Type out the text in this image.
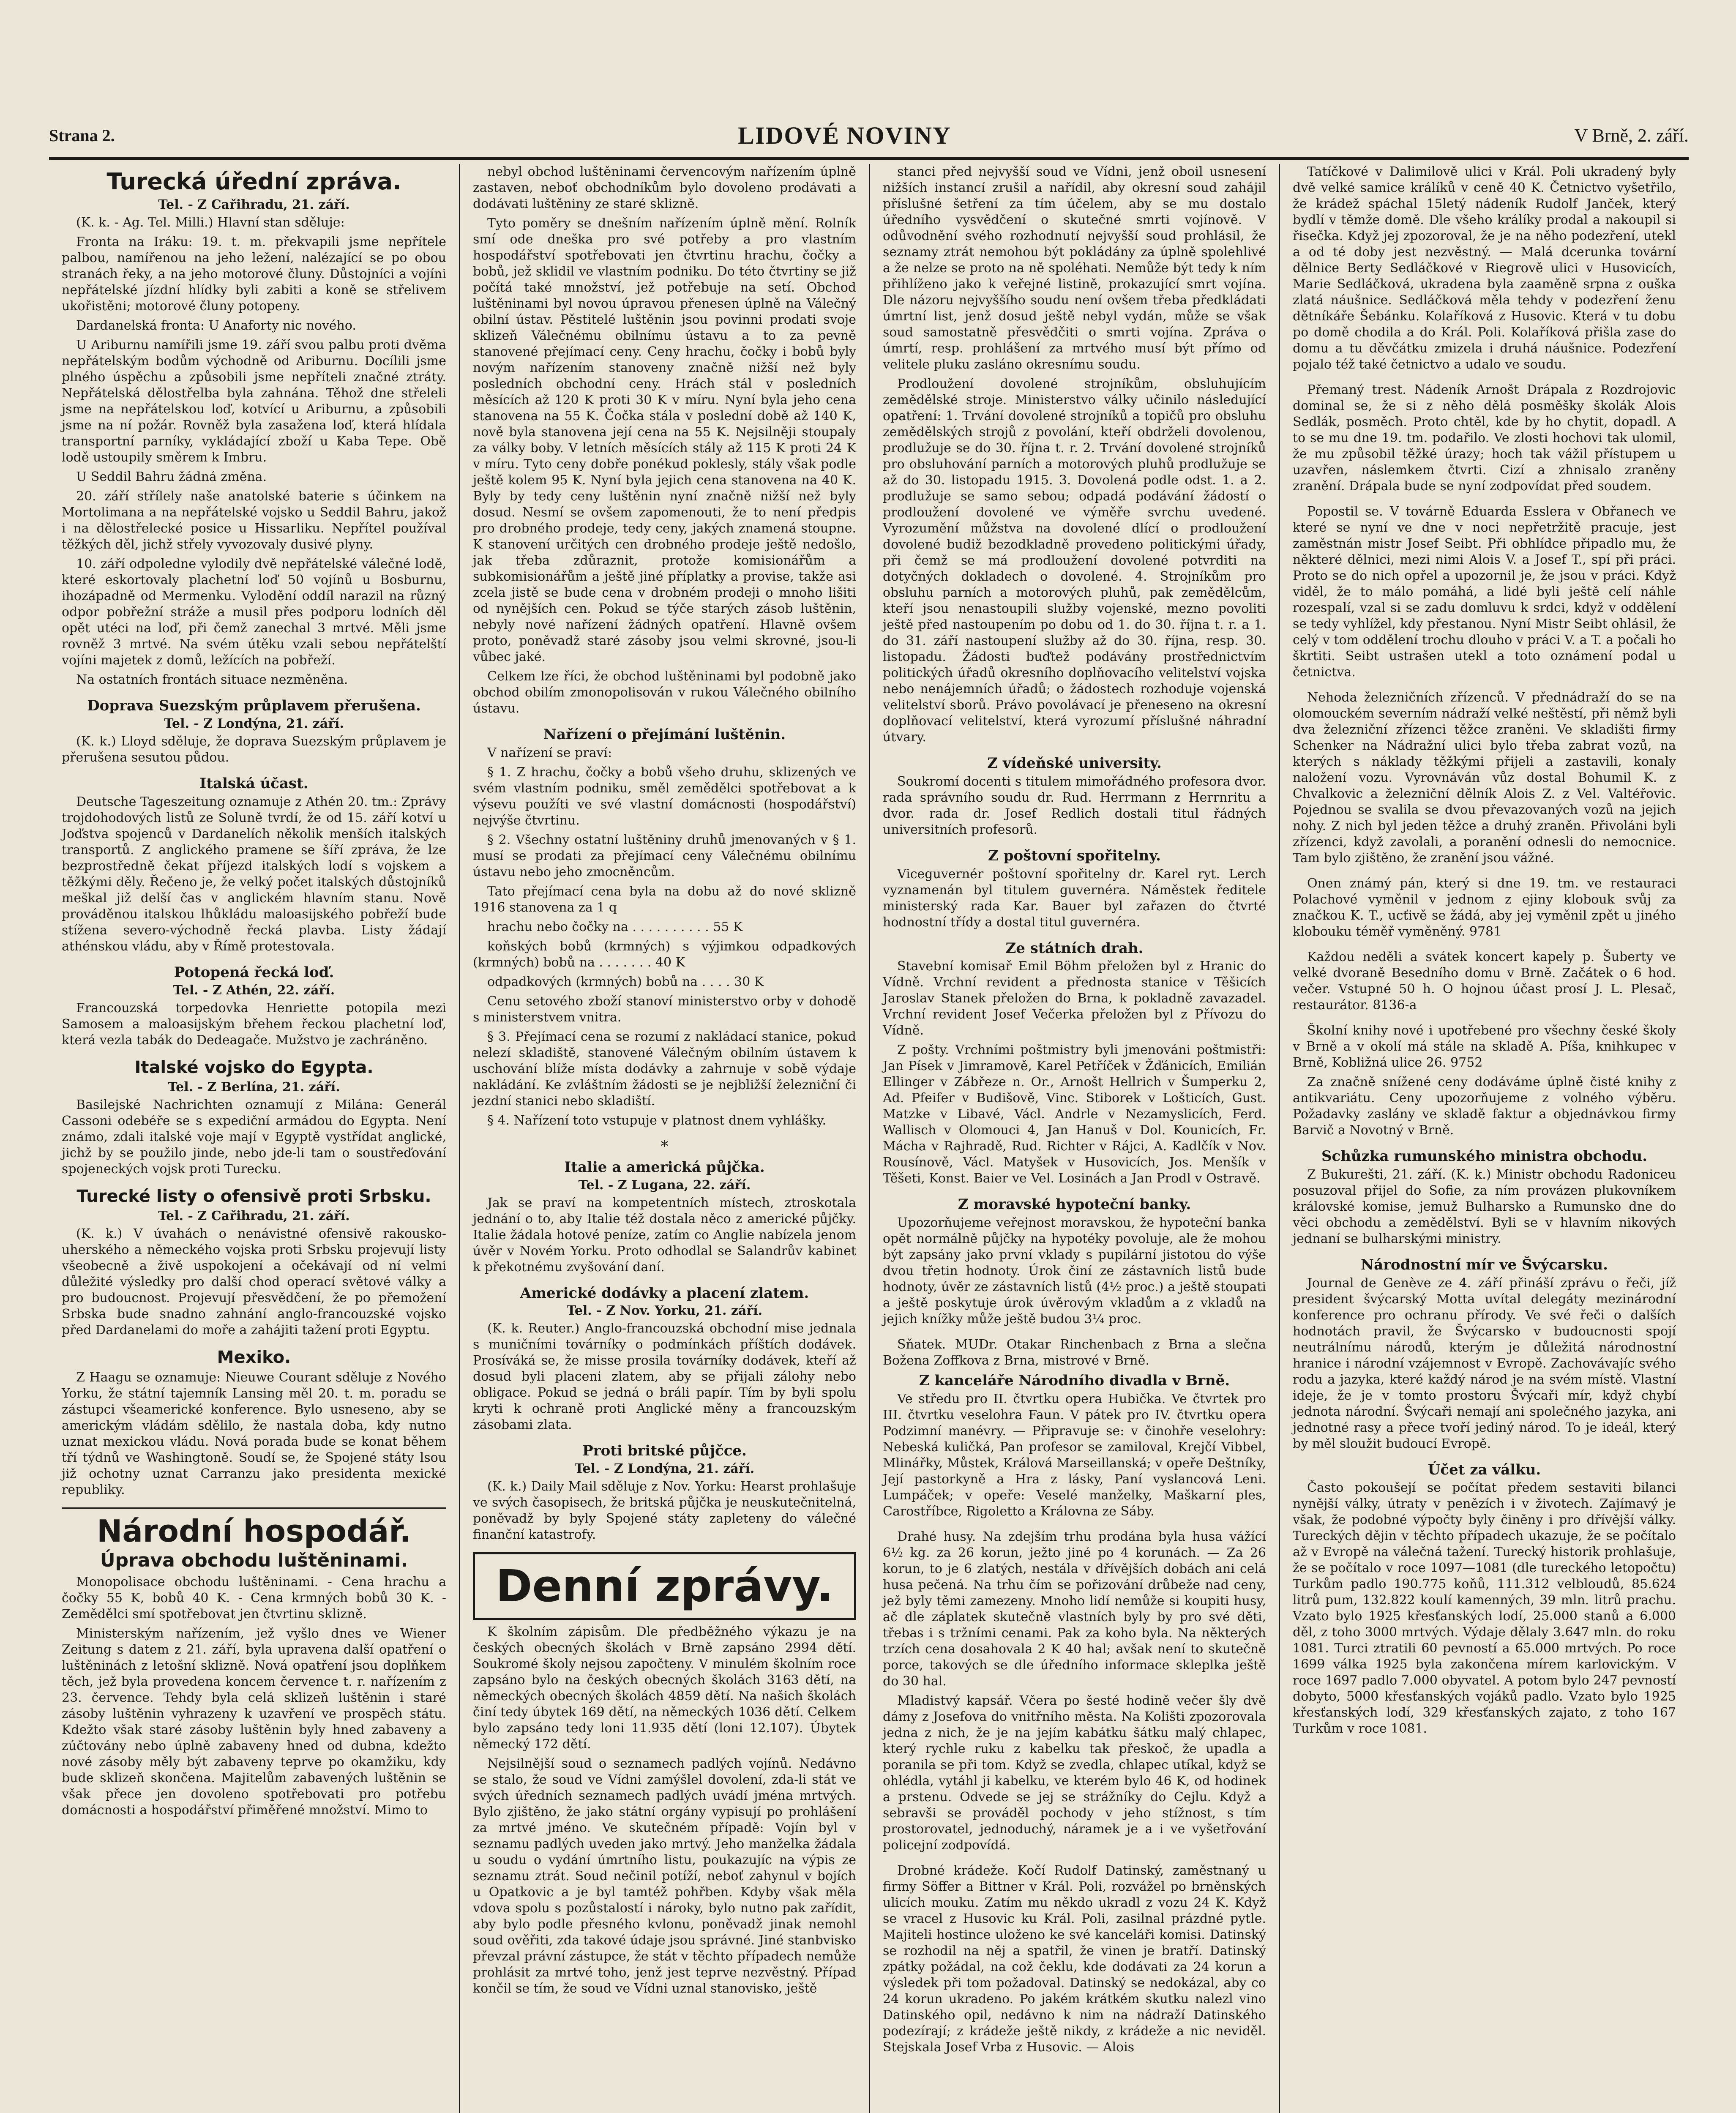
Strana 2.	LIDOVÉ NOVINY	V Brně, 2. září.
Turecká úřední zpráva.
Tel. - Z Cařihradu, 21. září.

(K. k. - Ag. Tel. Milli.) Hlavní stan sděluje:

Fronta na Iráku: 19. t. m. překvapili jsme nepřítele palbou, namířenou na jeho ležení, nalézající se po obou stranách řeky, a na jeho motorové čluny. Důstojníci a vojíni nepřátelské jízdní hlídky byli zabiti a koně se střelivem ukořistěni; motorové čluny potopeny.

Dardanelská fronta: U Anaforty nic nového.

U Ariburnu namířili jsme 19. září svou palbu proti dvěma nepřátelským bodům východně od Ariburnu. Docílili jsme plného úspěchu a způsobili jsme nepříteli značné ztráty. Nepřátelská dělostřelba byla zahnána. Těhož dne střeleli jsme na nepřátelskou loď, kotvící u Ariburnu, a způsobili jsme na ní požár. Rovněž byla zasažena loď, která hlídala transportní parníky, vykládající zboží u Kaba Tepe. Obě lodě ustoupily směrem k Imbru.

U Seddil Bahru žádná změna.

20. září střílely naše anatolské baterie s účinkem na Mortolimana a na nepřátelské vojsko u Seddil Bahru, jakož i na dělostřelecké posice u Hissarliku. Nepřítel používal těžkých děl, jichž střely vyvozovaly dusivé plyny.

10. září odpoledne vylodily dvě nepřátelské válečné lodě, které eskortovaly plachetní loď 50 vojínů u Bosburnu, ihozápadně od Mermenku. Vylodění oddíl narazil na různý odpor pobřežní stráže a musil přes podporu lodních děl opět utéci na loď, při čemž zanechal 3 mrtvé. Měli jsme rovněž 3 mrtvé. Na svém útěku vzali sebou nepřátelští vojíni majetek z domů, ležících na pobřeží.

Na ostatních frontách situace nezměněna.

Doprava Suezským průplavem přerušena.
Tel. - Z Londýna, 21. září.

(K. k.) Lloyd sděluje, že doprava Suezským průplavem je přerušena sesutou půdou.

Italská účast.

Deutsche Tageszeitung oznamuje z Athén 20. tm.: Zprávy trojdohodových listů ze Soluně tvrdí, že od 15. září kotví u Joďstva spojenců v Dardanelích několik menších italských transportů. Z anglického pramene se šíří zpráva, že lze bezprostředně čekat příjezd italských lodí s vojskem a těžkými děly. Řečeno je, že velký počet italských důstojníků meškal již delší čas v anglickém hlavním stanu. Nově prováděnou italskou lhůkládu maloasijského pobřeží bude stížena severo-východně řecká plavba. Listy žádají athénskou vládu, aby v Římě protestovala.

Potopená řecká loď.
Tel. - Z Athén, 22. září.

Francouzská torpedovka Henriette potopila mezi Samosem a maloasijským břehem řeckou plachetní loď, která vezla tabák do Dedeagače. Mužstvo je zachráněno.

Italské vojsko do Egypta.
Tel. - Z Berlína, 21. září.

Basilejské Nachrichten oznamují z Milána: Generál Cassoni odebéře se s expediční armádou do Egypta. Není známo, zdali italské voje mají v Egyptě vystřídat anglické, jichž by se použilo jinde, nebo jde-li tam o soustřeďování spojeneckých vojsk proti Turecku.

Turecké listy o ofensivě proti Srbsku.
Tel. - Z Cařihradu, 21. září.

(K. k.) V úvahách o nenávistné ofensivě rakousko-uherského a německého vojska proti Srbsku projevují listy všeobecně a živě uspokojení a očekávají od ní velmi důležité výsledky pro další chod operací světové války a pro budoucnost. Projevují přesvědčení, že po přemožení Srbska bude snadno zahnání anglo-francouzské vojsko před Dardanelami do moře a zahájiti tažení proti Egyptu.

Mexiko.

Z Haagu se oznamuje: Nieuwe Courant sděluje z Nového Yorku, že státní tajemník Lansing měl 20. t. m. poradu se zástupci všeamerické konference. Bylo usneseno, aby se americkým vládám sdělilo, že nastala doba, kdy nutno uznat mexickou vládu. Nová porada bude se konat během tří týdnů ve Washingtoně. Soudí se, že Spojené státy lsou již ochotny uznat Carranzu jako presidenta mexické republiky.

Národní hospodář.
Úprava obchodu luštěninami.

Monopolisace obchodu luštěninami. - Cena hrachu a čočky 55 K, bobů 40 K. - Cena krmných bobů 30 K. - Zemědělci smí spotřebovat jen čtvrtinu sklizně.

Ministerským nařízením, jež vyšlo dnes ve Wiener Zeitung s datem z 21. září, byla upravena další opatření o luštěninách z letošní sklizně. Nová opatření jsou doplňkem těch, jež byla provedena koncem července t. r. nařízením z 23. července. Tehdy byla celá sklizeň luštěnin i staré zásoby luštěnin vyhrazeny k uzavření ve prospěch státu. Kdežto však staré zásoby luštěnin byly hned zabaveny a zúčtovány nebo úplně zabaveny hned od dubna, kdežto nové zásoby měly být zabaveny teprve po okamžiku, kdy bude sklizeň skončena. Majitelům zabavených luštěnin se však přece jen dovoleno spotřebovati pro potřebu domácnosti a hospodářství přiměřené množství. Mimo to

nebyl obchod luštěninami červencovým nařízením úplně zastaven, neboť obchodníkům bylo dovoleno prodávati a dodávati luštěniny ze staré sklizně.

Tyto poměry se dnešním nařízením úplně mění. Rolník smí ode dneška pro své potřeby a pro vlastním hospodářství spotřebovati jen čtvrtinu hrachu, čočky a bobů, jež sklidil ve vlastním podniku. Do této čtvrtiny se již počítá také množství, jež potřebuje na setí. Obchod luštěninami byl novou úpravou přenesen úplně na Válečný obilní ústav. Pěstitelé luštěnin jsou povinni prodati svoje sklizeň Válečnému obilnímu ústavu a to za pevně stanovené přejímací ceny. Ceny hrachu, čočky i bobů byly novým nařízením stanoveny značně nižší než byly posledních obchodní ceny. Hrách stál v posledních měsících až 120 K proti 30 K v míru. Nyní byla jeho cena stanovena na 55 K. Čočka stála v poslední době až 140 K, nově byla stanovena její cena na 55 K. Nejsilněji stoupaly za války boby. V letních měsících stály až 115 K proti 24 K v míru. Tyto ceny dobře ponékud poklesly, stály však podle ještě kolem 95 K. Nyní byla jejich cena stanovena na 40 K. Byly by tedy ceny luštěnin nyní značně nižší než byly dosud. Nesmí se ovšem zapomenouti, že to není předpis pro drobného prodeje, tedy ceny, jakých znamená stoupne. K stanovení určitých cen drobného prodeje ještě nedošlo, jak třeba zdůraznit, protože komisionářům a subkomisionářům a ještě jiné příplatky a provise, takže asi zcela jistě se bude cena v drobném prodeji o mnoho lišiti od nynějších cen. Pokud se týče starých zásob luštěnin, nebyly nové nařízení žádných opatření. Hlavně ovšem proto, poněvadž staré zásoby jsou velmi skrovné, jsou-li vůbec jaké.

Celkem lze říci, že obchod luštěninami byl podobně jako obchod obilím zmonopolisován v rukou Válečného obilního ústavu.

Nařízení o přejímání luštěnin.

V nařízení se praví:

§ 1. Z hrachu, čočky a bobů všeho druhu, sklizených ve svém vlastním podniku, směl zemědělci spotřebovat a k výsevu použíti ve své vlastní domácnosti (hospodářství) nejvýše čtvrtinu.

§ 2. Všechny ostatní luštěniny druhů jmenovaných v § 1. musí se prodati za přejímací ceny Válečnému obilnímu ústavu nebo jeho zmocněncům.

Tato přejímací cena byla na dobu až do nové sklizně 1916 stanovena za 1 q

hrachu nebo čočky na . . . . . . . . . . 55 K

koňských bobů (krmných) s výjimkou odpadkových (krmných) bobů na . . . . . . . 40 K

odpadkových (krmných) bobů na . . . . 30 K

Cenu setového zboží stanoví ministerstvo orby v dohodě s ministerstvem vnitra.

§ 3. Přejímací cena se rozumí z nakládací stanice, pokud nelezí skladiště, stanovené Válečným obilním ústavem k uschování blíže místa dodávky a zahrnuje v sobě výdaje nakládání. Ke zvláštním žádosti se je nejbližší železniční či jezdní stanici nebo skladiští.

§ 4. Nařízení toto vstupuje v platnost dnem vyhlášky.

*
Italie a americká půjčka.
Tel. - Z Lugana, 22. září.

Jak se praví na kompetentních místech, ztroskotala jednání o to, aby Italie též dostala něco z americké půjčky. Italie žádala hotové peníze, zatím co Anglie nabízela jenom úvěr v Novém Yorku. Proto odhodlal se Salandrův kabinet k překotnému zvyšování daní.

Americké dodávky a placení zlatem.
Tel. - Z Nov. Yorku, 21. září.

(K. k. Reuter.) Anglo-francouzská obchodní mise jednala s muničními továrníky o podmínkách příštích dodávek. Prosíváká se, že misse prosila továrníky dodávek, kteří až dosud byli placeni zlatem, aby se přijali zálohy nebo obligace. Pokud se jedná o bráli papír. Tím by byli spolu kryti k ochraně proti Anglické měny a francouzským zásobami zlata.

Proti britské půjčce.
Tel. - Z Londýna, 21. září.

(K. k.) Daily Mail sděluje z Nov. Yorku: Hearst prohlašuje ve svých časopisech, že britská půjčka je neuskutečnitelná, poněvadž by byly Spojené státy zapleteny do válečné finanční katastrofy.

Denní zprávy.

K školním zápisům. Dle předběžného výkazu je na českých obecných školách v Brně zapsáno 2994 dětí. Soukromé školy nejsou započteny. V minulém školním roce zapsáno bylo na českých obecných školách 3163 dětí, na německých obecných školách 4859 dětí. Na našich školách činí tedy úbytek 169 dětí, na německých 1036 dětí. Celkem bylo zapsáno tedy loni 11.935 dětí (loni 12.107). Úbytek německý 172 dětí.

Nejsilnější soud o seznamech padlých vojínů. Nedávno se stalo, že soud ve Vídni zamýšlel dovolení, zda-li stát ve svých úředních seznamech padlých uvádí jména mrtvých. Bylo zjištěno, že jako státní orgány vypisují po prohlášení za mrtvé jméno. Ve skutečném případě: Vojín byl v seznamu padlých uveden jako mrtvý. Jeho manželka žádala u soudu o vydání úmrtního listu, poukazujíc na výpis ze seznamu ztrát. Soud nečinil potíží, neboť zahynul v bojích u Opatkovic a je byl tamtéž pohřben. Kdyby však měla vdova spolu s pozůstalostí i nároky, bylo nutno pak zařídit, aby bylo podle přesného kvlonu, poněvadž jinak nemohl soud ověřiti, zda takové údaje jsou správné. Jiné stanbvisko převzal právní zástupce, že stát v těchto případech nemůže prohlásit za mrtvé toho, jenž jest teprve nezvěstný. Případ končil se tím, že soud ve Vídni uznal stanovisko, ještě

stanci před nejvyšší soud ve Vídni, jenž oboil usnesení nižších instancí zrušil a nařídil, aby okresní soud zahájil příslušné šetření za tím účelem, aby se mu dostalo úředního vysvědčení o skutečné smrti vojínově. V odůvodnění svého rozhodnutí nejvyšší soud prohlásil, že seznamy ztrát nemohou být pokládány za úplně spolehlivé a že nelze se proto na ně spoléhati. Nemůže být tedy k ním přihlíženo jako k veřejné listině, prokazující smrt vojína. Dle názoru nejvyššího soudu není ovšem třeba předkládati úmrtní list, jenž dosud ještě nebyl vydán, může se však soud samostatně přesvědčiti o smrti vojína. Zpráva o úmrtí, resp. prohlášení za mrtvého musí být přímo od velitele pluku zasláno okresnímu soudu.

Prodloužení dovolené strojníkům, obsluhujícím zemědělské stroje. Ministerstvo války učinilo následující opatření: 1. Trvání dovolené strojníků a topičů pro obsluhu zemědělských strojů z povolání, kteří obdrželi dovolenou, prodlužuje se do 30. října t. r. 2. Trvání dovolené strojníků pro obsluhování parních a motorových pluhů prodlužuje se až do 30. listopadu 1915. 3. Dovolená podle odst. 1. a 2. prodlužuje se samo sebou; odpadá podávání žádostí o prodloužení dovolené ve výměře svrchu uvedené. Vyrozumění můžstva na dovolené dlící o prodloužení dovolené budiž bezodkladně provedeno politickými úřady, při čemž se má prodloužení dovolené potvrditi na dotyčných dokladech o dovolené. 4. Strojníkům pro obsluhu parních a motorových pluhů, pak zemědělcům, kteří jsou nenastoupili služby vojenské, mezno povoliti ještě před nastoupením po dobu od 1. do 30. října t. r. a 1. do 31. září nastoupení služby až do 30. října, resp. 30. listopadu. Žádosti buďtež podávány prostřednictvím politických úřadů okresního doplňovacího velitelství vojska nebo nenájemních úřadů; o žádostech rozhoduje vojenská velitelství sborů. Právo povolávací je přeneseno na okresní doplňovací velitelství, která vyrozumí příslušné náhradní útvary.

Z vídeňské university.

Soukromí docenti s titulem mimořádného profesora dvor. rada správního soudu dr. Rud. Herrmann z Herrnritu a dvor. rada dr. Josef Redlich dostali titul řádných universitních profesorů.

Z poštovní spořitelny.

Viceguvernér poštovní spořitelny dr. Karel ryt. Lerch vyznamenán byl titulem guvernéra. Náměstek ředitele ministerský rada Kar. Bauer byl zařazen do čtvrté hodnostní třídy a dostal titul guvernéra.

Ze státních drah.

Stavební komisař Emil Böhm přeložen byl z Hranic do Vídně. Vrchní revident a přednosta stanice v Těšicích Jaroslav Stanek přeložen do Brna, k pokladně zavazadel. Vrchní revident Josef Večerka přeložen byl z Přívozu do Vídně.

Z pošty. Vrchními poštmistry byli jmenováni poštmistři: Jan Písek v Jimramově, Karel Petříček v Žďánicích, Emilián Ellinger v Zábřeze n. Or., Arnošt Hellrich v Šumperku 2, Ad. Pfeifer v Budišově, Vinc. Stiborek v Lošticích, Gust. Matzke v Libavé, Václ. Andrle v Nezamyslicích, Ferd. Wallisch v Olomouci 4, Jan Hanuš v Dol. Kounicích, Fr. Mácha v Rajhradě, Rud. Richter v Rájci, A. Kadlčík v Nov. Rousínově, Václ. Matyšek v Husovicích, Jos. Menšík v Těšeti, Konst. Baier ve Vel. Losinách a Jan Prodl v Ostravě.

Z moravské hypoteční banky.

Upozorňujeme veřejnost moravskou, že hypoteční banka opět normálně půjčky na hypotéky povoluje, ale že mohou být zapsány jako první vklady s pupilární jistotou do výše dvou třetin hodnoty. Úrok činí ze zástavních listů bude hodnoty, úvěr ze zástavních listů (4½ proc.) a ještě stoupati a ještě poskytuje úrok úvěrovým vkladům a z vkladů na jejich knížky může ještě budou 3¼ proc.

Sňatek. MUDr. Otakar Rinchenbach z Brna a slečna Božena Zoffkova z Brna, mistrové v Brně.

Z kanceláře Národního divadla v Brně.

Ve středu pro II. čtvrtku opera Hubička. Ve čtvrtek pro III. čtvrtku veselohra Faun. V pátek pro IV. čtvrtku opera Podzimní manévry. — Připravuje se: v činohře veselohry: Nebeská kuličká, Pan profesor se zamiloval, Krejčí Vibbel, Mlinářky, Můstek, Králová Marseillanská; v opeře Deštníky, Její pastorkyně a Hra z lásky, Paní vyslancová Leni. Lumpáček; v opeře: Veselé manželky, Maškarní ples, Carostříbce, Rigoletto a Královna ze Sáby.

Drahé husy. Na zdejším trhu prodána byla husa vážící 6½ kg. za 26 korun, ježto jiné po 4 korunách. — Za 26 korun, to je 6 zlatých, nestála v dřívějších dobách ani celá husa pečená. Na trhu čím se pořizování drůbeže nad ceny, jež byly těmi zamezeny. Mnoho lidí nemůže si koupiti husy, ač dle záplatek skutečně vlastních byly by pro své děti, třebas i s tržními cenami. Pak za koho byla. Na některých trzích cena dosahovala 2 K 40 hal; avšak není to skutečně porce, takových se dle úředního informace skleplka ještě do 30 hal.

Mladistvý kapsář. Včera po šesté hodině večer šly dvě dámy z Josefova do vnitřního města. Na Kolišti zpozorovala jedna z nich, že je na jejím kabátku šátku malý chlapec, který rychle ruku z kabelku tak přeskoč, že upadla a poranila se při tom. Když se zvedla, chlapec utíkal, když se ohlédla, vytáhl ji kabelku, ve kterém bylo 46 K, od hodinek a prstenu. Odvede se jej se strážníky do Cejlu. Když a sebravši se prováděl pochody v jeho stížnost, s tím prostorovatel, jednoduchý, náramek je a i ve vyšetřování policejní zodpovídá.

Drobné krádeže. Kočí Rudolf Datinský, zaměstnaný u firmy Söffer a Bittner v Král. Poli, rozvážel po brněnských ulicích mouku. Zatím mu někdo ukradl z vozu 24 K. Když se vracel z Husovic ku Král. Poli, zasilnal prázdné pytle. Majiteli hostince uloženo ke své kanceláři komisi. Datinský se rozhodil na něj a spatřil, že vinen je bratří. Datinský zpátky požádal, na což čeklu, kde dodávati za 24 korun a výsledek při tom požadoval. Datinský se nedokázal, aby co 24 korun ukradeno. Po jakém krátkém skutku nalezl vino Datinského opil, nedávno k nim na nádraží Datinského podezírají; z krádeže ještě nikdy, z krádeže a nic neviděl. Stejskala Josef Vrba z Husovic. — Alois

Tatíčkové v Dalimilově ulici v Král. Poli ukradený byly dvě velké samice králíků v ceně 40 K. Četnictvo vyšetřilo, že krádež spáchal 15letý nádeník Rudolf Janček, který bydlí v těmže domě. Dle všeho králíky prodal a nakoupil si řisečka. Když jej zpozoroval, že je na něho podezření, utekl a od té doby jest nezvěstný. — Malá dcerunka tovární dělnice Berty Sedláčkové v Riegrově ulici v Husovicích, Marie Sedláčková, ukradena byla zaaměně srpna z ouška zlatá náušnice. Sedláčková měla tehdy v podezření ženu dětníkáře Šebánku. Kolaříková z Husovic. Která v tu dobu po domě chodila a do Král. Poli. Kolaříková přišla zase do domu a tu děvčátku zmizela i druhá náušnice. Podezření pojalo též také četnictvo a udalo ve soudu.

Přemaný trest. Nádeník Arnošt Drápala z Rozdrojovic dominal se, že si z něho dělá posměšky školák Alois Sedlák, posměch. Proto chtěl, kde by ho chytit, dopadl. A to se mu dne 19. tm. podařilo. Ve zlosti hochovi tak ulomil, že mu způsobil těžké úrazy; hoch tak vážil přístupem u uzavřen, náslemkem čtvrti. Cizí a zhnisalo zraněny zranění. Drápala bude se nyní zodpovídat před soudem.

Popostil se. V továrně Eduarda Esslera v Obřanech ve které se nyní ve dne v noci nepřetržitě pracuje, jest zaměstnán mistr Josef Seibt. Při obhlídce připadlo mu, že některé dělnici, mezi nimi Alois V. a Josef T., spí při práci. Proto se do nich opřel a upozornil je, že jsou v práci. Když viděl, že to málo pomáhá, a lidé byli ještě celí náhle rozespalí, vzal si se zadu domluvu k srdci, když v oddělení se tedy vyhlížel, kdy přestanou. Nyní Mistr Seibt ohlásil, že celý v tom oddělení trochu dlouho v práci V. a T. a počali ho škrtiti. Seibt ustrašen utekl a toto oznámení podal u četnictva.

Nehoda železničních zřízenců. V přednádraží do se na olomouckém severním nádraží velké neštěstí, při němž byli dva železniční zřízenci těžce zraněni. Ve skladišti firmy Schenker na Nádražní ulici bylo třeba zabrat vozů, na kterých s náklady těžkými přijeli a zastavili, konaly naložení vozu. Vyrovnáván vůz dostal Bohumil K. z Chvalkovic a železniční dělník Alois Z. z Vel. Valtéřovic. Pojednou se svalila se dvou převazovaných vozů na jejich nohy. Z nich byl jeden těžce a druhý zraněn. Přivoláni byli zřízenci, když zavolali, a poranění odnesli do nemocnice. Tam bylo zjištěno, že zranění jsou vážné.

Onen známý pán, který si dne 19. tm. ve restauraci Polachové vyměnil v jednom z ejiny klobouk svůj za značkou K. T., ucťivě se žádá, aby jej vyměnil zpět u jiného klobouku téměř vyměněný. 9781

Každou neděli a svátek koncert kapely p. Šuberty ve velké dvoraně Besedního domu v Brně. Začátek o 6 hod. večer. Vstupné 50 h. O hojnou účast prosí J. L. Plesač, restaurátor. 8136-a

Školní knihy nové i upotřebené pro všechny české školy v Brně a v okolí má stále na skladě A. Píša, knihkupec v Brně, Kobližná ulice 26. 9752

Za značně snížené ceny dodáváme úplně čisté knihy z antikvariátu. Ceny upozorňujeme z volného výběru. Požadavky zaslány ve skladě faktur a objednávkou firmy Barvič a Novotný v Brně.

Schůzka rumunského ministra obchodu.

Z Bukurešti, 21. září. (K. k.) Ministr obchodu Radoniceu posuzoval přijel do Sofie, za ním provázen plukovníkem královské komise, jemuž Bulharsko a Rumunsko dne do věci obchodu a zemědělství. Byli se v hlavním nikových jednaní se bulharskými ministry.

Národnostní mír ve Švýcarsku.

Journal de Genève ze 4. září přináší zprávu o řeči, jíž president švýcarský Motta uvítal delegáty mezinárodní konference pro ochranu přírody. Ve své řeči o dalších hodnotách pravil, že Švýcarsko v budoucnosti spojí neutrálnímu národů, kterým je důležitá národnostní hranice i národní vzájemnost v Evropě. Zachovávajíc svého rodu a jazyka, které každý národ je na svém místě. Vlastní ideje, že je v tomto prostoru Švýcaři mír, když chybí jednota národní. Švýcaři nemají ani společného jazyka, ani jednotné rasy a přece tvoří jediný národ. To je ideál, který by měl sloužit budoucí Evropě.

Účet za válku.

Často pokoušejí se počítat předem sestaviti bilanci nynější války, útraty v penězích i v životech. Zajímavý je však, že podobné výpočty byly činěny i pro dřívější války. Tureckých dějin v těchto případech ukazuje, že se počítalo až v Evropě na válečná tažení. Turecký historik prohlašuje, že se počítalo v roce 1097—1081 (dle tureckého letopočtu) Turkům padlo 190.775 koňů, 111.312 velbloudů, 85.624 litrů pum, 132.822 koulí kamenných, 39 mln. litrů prachu. Vzato bylo 1925 křesťanských lodí, 25.000 stanů a 6.000 děl, z toho 3000 mrtvých. Výdaje dělaly 3.647 mln. do roku 1081. Turci ztratili 60 pevností a 65.000 mrtvých. Po roce 1699 válka 1925 byla zakončena mírem karlovickým. V roce 1697 padlo 7.000 obyvatel. A potom bylo 247 pevností dobyto, 5000 křesťanských vojáků padlo. Vzato bylo 1925 křesťanských lodí, 329 křesťanských zajato, z toho 167 Turkům v roce 1081.
